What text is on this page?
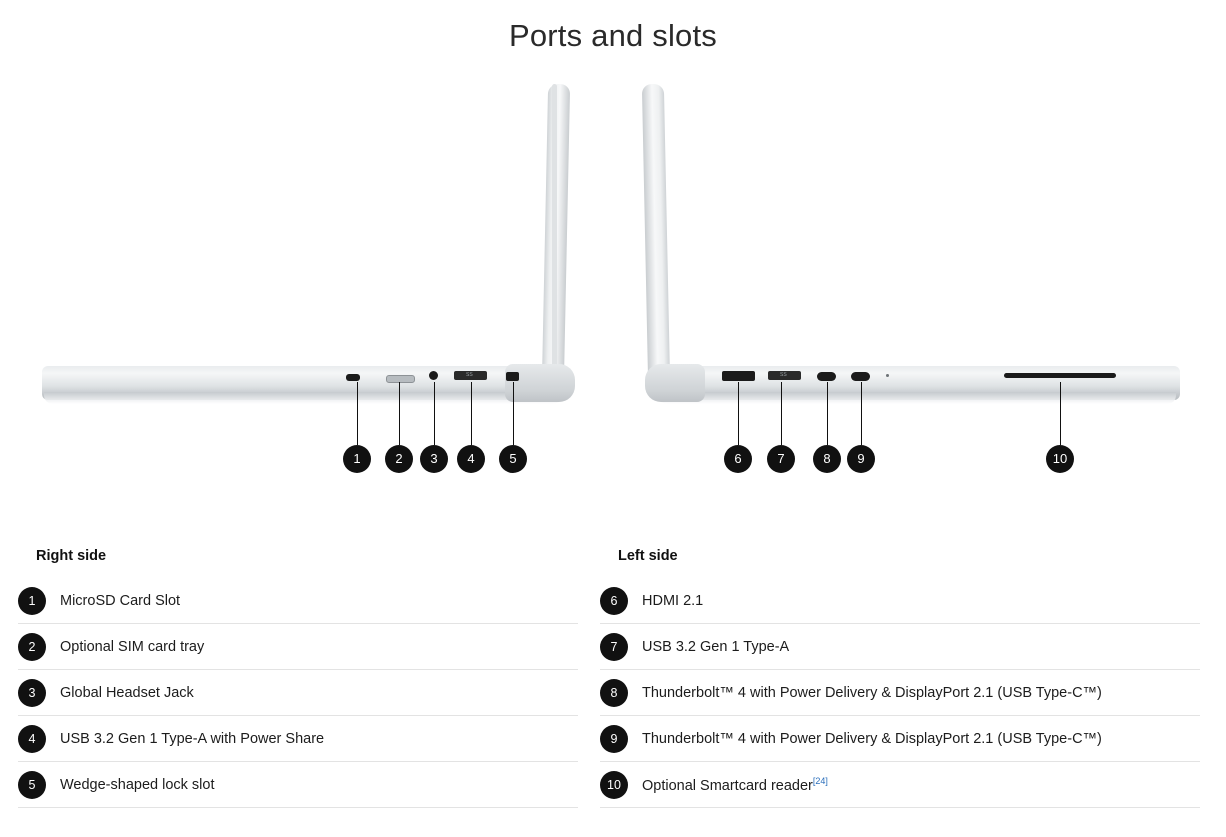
Ports and slots
SS
1	2	3	4	5
SS
6	7	8	9	10
Right side
1	MicroSD Card Slot
2	Optional SIM card tray
3	Global Headset Jack
4	USB 3.2 Gen 1 Type-A with Power Share
5	Wedge-shaped lock slot
Left side
6	HDMI 2.1
7	USB 3.2 Gen 1 Type-A
8	Thunderbolt™ 4 with Power Delivery & DisplayPort 2.1 (USB Type-C™)
9	Thunderbolt™ 4 with Power Delivery & DisplayPort 2.1 (USB Type-C™)
10	Optional Smartcard reader[24]
